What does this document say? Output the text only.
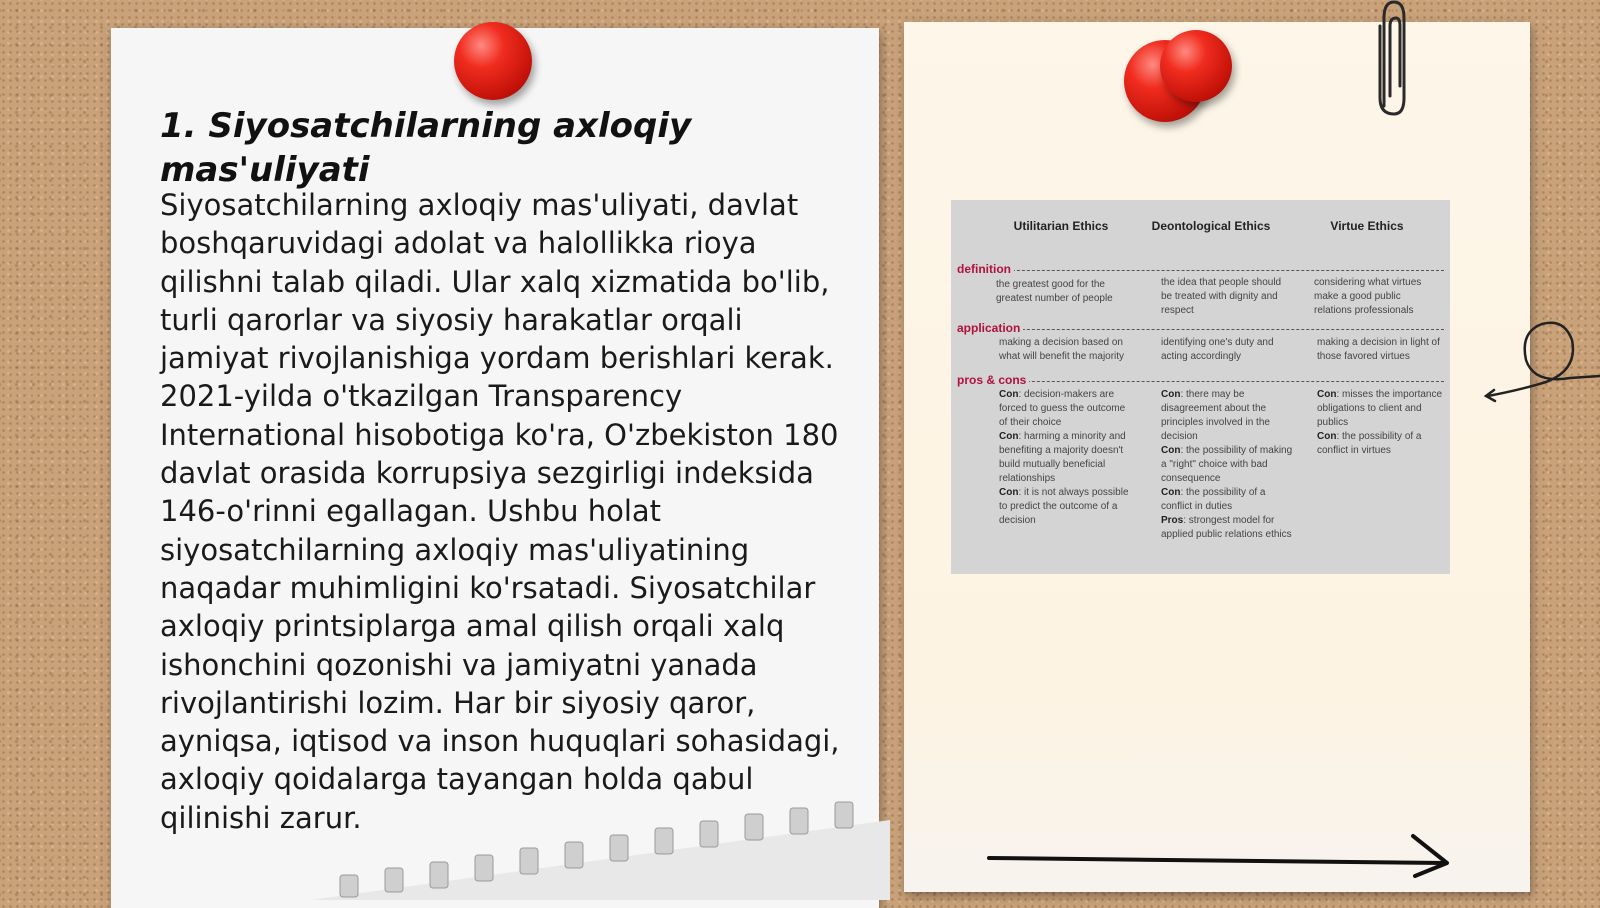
1. Siyosatchilarning axloqiy mas'uliyati

Siyosatchilarning axloqiy mas'uliyati, davlat boshqaruvidagi adolat va halollikka rioya qilishni talab qiladi. Ular xalq xizmatida bo'lib, turli qarorlar va siyosiy harakatlar orqali jamiyat rivojlanishiga yordam berishlari kerak. 2021-yilda o'tkazilgan Transparency International hisobotiga ko'ra, O'zbekiston 180 davlat orasida korrupsiya sezgirligi indeksida 146-o'rinni egallagan. Ushbu holat siyosatchilarning axloqiy mas'uliyatining naqadar muhimligini ko'rsatadi. Siyosatchilar axloqiy printsiplarga amal qilish orqali xalq ishonchini qozonishi va jamiyatni yanada rivojlantirishi lozim. Har bir siyosiy qaror, ayniqsa, iqtisod va inson huquqlari sohasidagi, axloqiy qoidalarga tayangan holda qabul qilinishi zarur.

Utilitarian Ethics	Deontological Ethics	Virtue Ethics
definition
the greatest good for the greatest number of people
the idea that people should be treated with dignity and respect
considering what virtues make a good public relations professionals
application
making a decision based on what will benefit the majority
identifying one's duty and acting accordingly
making a decision in light of those favored virtues
pros & cons
Con: decision-makers are forced to guess the outcome of their choice
Con: harming a minority and benefiting a majority doesn't build mutually beneficial relationships
Con: it is not always possible to predict the outcome of a decision
Con: there may be disagreement about the principles involved in the decision
Con: the possibility of making a "right" choice with bad consequence
Con: the possibility of a conflict in duties
Pros: strongest model for applied public relations ethics
Con: misses the importance obligations to client and publics
Con: the possibility of a conflict in virtues
